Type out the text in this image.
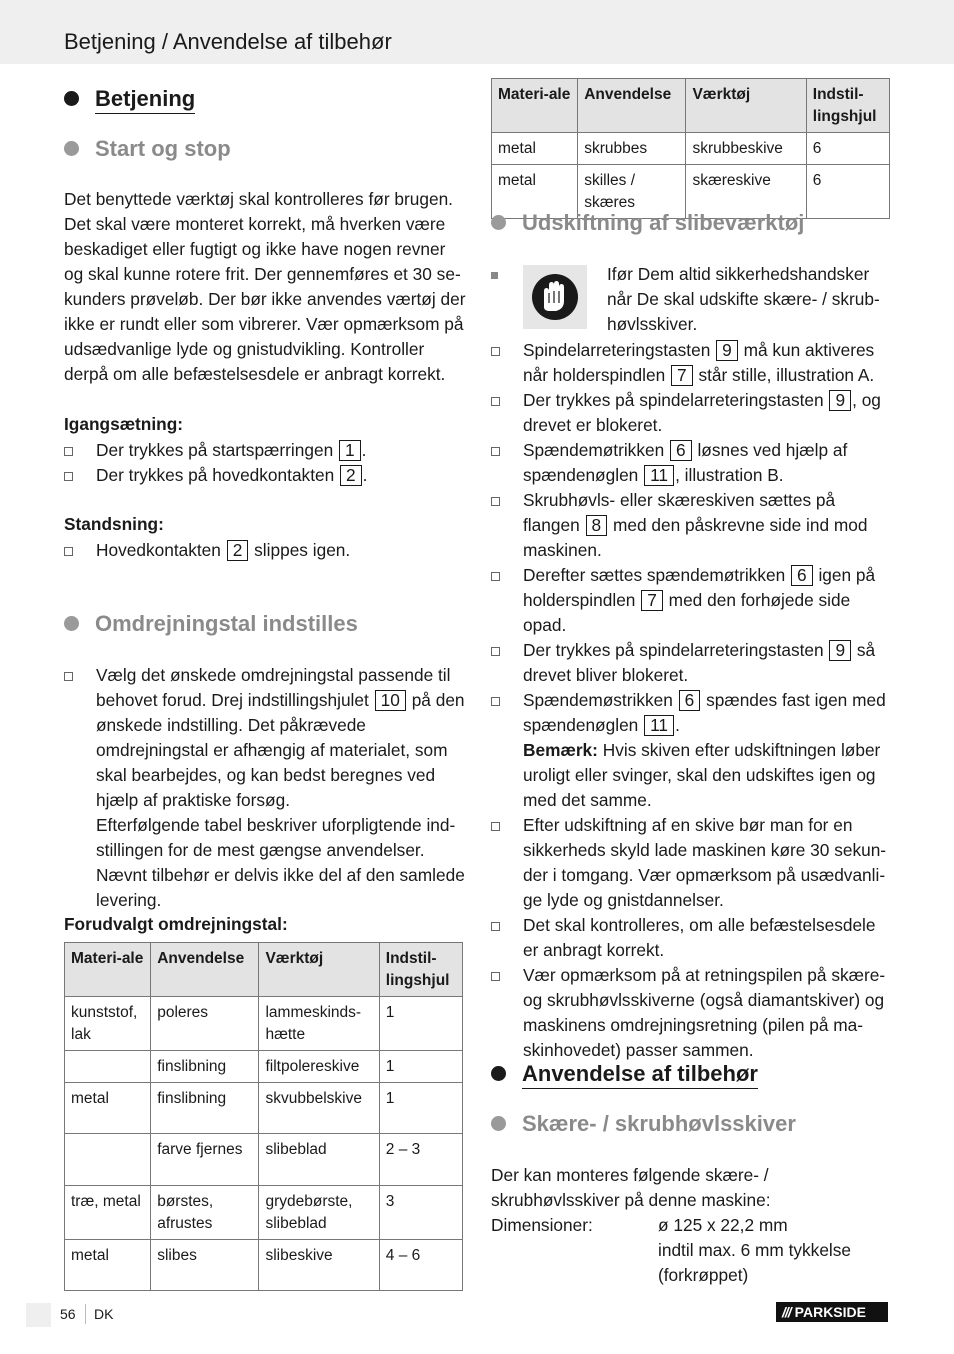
Betjening / Anvendelse af tilbehør
Betjening
Start og stop

Det benyttede værktøj skal kontrolleres før brugen. Det skal være monteret korrekt, må hverken være beskadiget eller fugtigt og ikke have nogen revner og skal kunne rotere frit. Der gennemføres et 30 se-kunders prøveløb. Der bør ikke anvendes værtøj der ikke er rundt eller som vibrerer. Vær opmærksom på udsædvanlige lyde og gnistudvikling. Kontroller derpå om alle befæstelsesdele er anbragt korrekt.

Igangsætning:
Der trykkes på startspærringen 1 .
Der trykkes på hovedkontakten 2 .
Standsning:
Hovedkontakten 2 slippes igen.
Omdrejningstal indstilles
Vælg det ønskede omdrejningstal passende til behovet forud. Drej indstillingshjulet 10 på den ønskede indstilling. Det påkrævede omdrejningstal er afhængig af materialet, som skal bearbejdes, og kan bedst beregnes ved hjælp af praktiske forsøg.
Efterfølgende tabel beskriver uforpligtende ind-stillingen for de mest gængse anvendelser. Nævnt tilbehør er delvis ikke del af den samlede levering.
Forudvalgt omdrejningstal:
Materi-ale	Anvendelse	Værktøj	Indstil-lingshjul
kunststof, lak	poleres	lammeskinds-hætte	1
	finslibning	filtpolereskive	1
metal	finslibning	skvubbelskive	1
	farve fjernes	slibeblad	2 – 3
træ, metal	børstes, afrustes	grydebørste, slibeblad	3
metal	slibes	slibeskive	4 – 6
Materi-ale	Anvendelse	Værktøj	Indstil-lingshjul
metal	skrubbes	skrubbeskive	6
metal	skilles / skæres	skæreskive	6
Udskiftning af slibeværktøj

Ifør Dem altid sikkerhedshandsker når De skal udskifte skære- / skrub-høvlsskiver.

Spindelarreteringstasten 9 må kun aktiveres når holderspindlen 7 står stille, illustration A.
Der trykkes på spindelarreteringstasten 9 , og drevet er blokeret.
Spændemøtrikken 6 løsnes ved hjælp af spændenøglen 11 , illustration B.
Skrubhøvls- eller skæreskiven sættes på flangen 8 med den påskrevne side ind mod maskinen.
Derefter sættes spændemøtrikken 6 igen på holderspindlen 7 med den forhøjede side opad.
Der trykkes på spindelarreteringstasten 9 så drevet bliver blokeret.
Spændemøstrikken 6 spændes fast igen med spændenøglen 11 .
Bemærk: Hvis skiven efter udskiftningen løber uroligt eller svinger, skal den udskiftes igen og med det samme.
Efter udskiftning af en skive bør man for en sikkerheds skyld lade maskinen køre 30 sekun-der i tomgang. Vær opmærksom på usædvanli-ge lyde og gnistdannelser.
Det skal kontrolleres, om alle befæstelsesdele er anbragt korrekt.
Vær opmærksom på at retningspilen på skære- og skrubhøvlsskiverne (også diamantskiver) og maskinens omdrejningsretning (pilen på ma-skinhovedet) passer sammen.
Anvendelse af tilbehør
Skære- / skrubhøvlsskiver

Der kan monteres følgende skære- / skrubhøvlsskiver på denne maskine:

Dimensioner:	ø 125 x 22,2 mm
indtil max. 6 mm tykkelse
(forkrøppet)
56 DK	/// PARKSIDE
